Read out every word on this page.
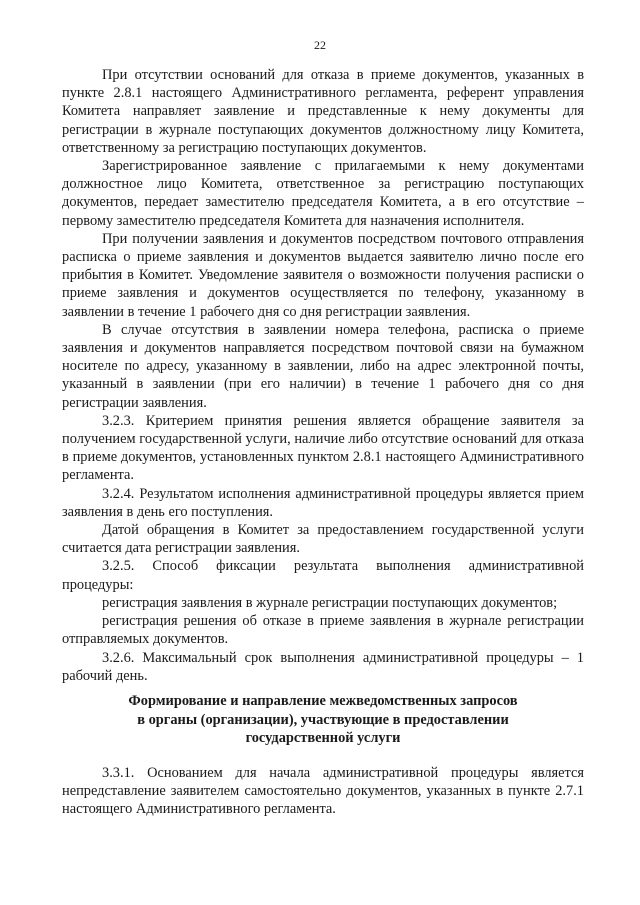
22

При отсутствии оснований для отказа в приеме документов, указанных в пункте 2.8.1 настоящего Административного регламента, референт управления Комитета направляет заявление и представленные к нему документы для регистрации в журнале поступающих документов должностному лицу Комитета, ответственному за регистрацию поступающих документов.

Зарегистрированное заявление с прилагаемыми к нему документами должностное лицо Комитета, ответственное за регистрацию поступающих документов, передает заместителю председателя Комитета, а в его отсутствие – первому заместителю председателя Комитета для назначения исполнителя.

При получении заявления и документов посредством почтового отправления расписка о приеме заявления и документов выдается заявителю лично после его прибытия в Комитет. Уведомление заявителя о возможности получения расписки о приеме заявления и документов осуществляется по телефону, указанному в заявлении в течение 1 рабочего дня со дня регистрации заявления.

В случае отсутствия в заявлении номера телефона, расписка о приеме заявления и документов направляется посредством почтовой связи на бумажном носителе по адресу, указанному в заявлении, либо на адрес электронной почты, указанный в заявлении (при его наличии) в течение 1 рабочего дня со дня регистрации заявления.

3.2.3. Критерием принятия решения является обращение заявителя за получением государственной услуги, наличие либо отсутствие оснований для отказа в приеме документов, установленных пунктом 2.8.1 настоящего Административного регламента.

3.2.4. Результатом исполнения административной процедуры является прием заявления в день его поступления.

Датой обращения в Комитет за предоставлением государственной услуги считается дата регистрации заявления.

3.2.5. Способ фиксации результата выполнения административной процедуры:

регистрация заявления в журнале регистрации поступающих документов;

регистрация решения об отказе в приеме заявления в журнале регистрации отправляемых документов.

3.2.6. Максимальный срок выполнения административной процедуры – 1 рабочий день.

Формирование и направление межведомственных запросов
в органы (организации), участвующие в предоставлении
государственной услуги

3.3.1. Основанием для начала административной процедуры является непредставление заявителем самостоятельно документов, указанных в пункте 2.7.1 настоящего Административного регламента.
